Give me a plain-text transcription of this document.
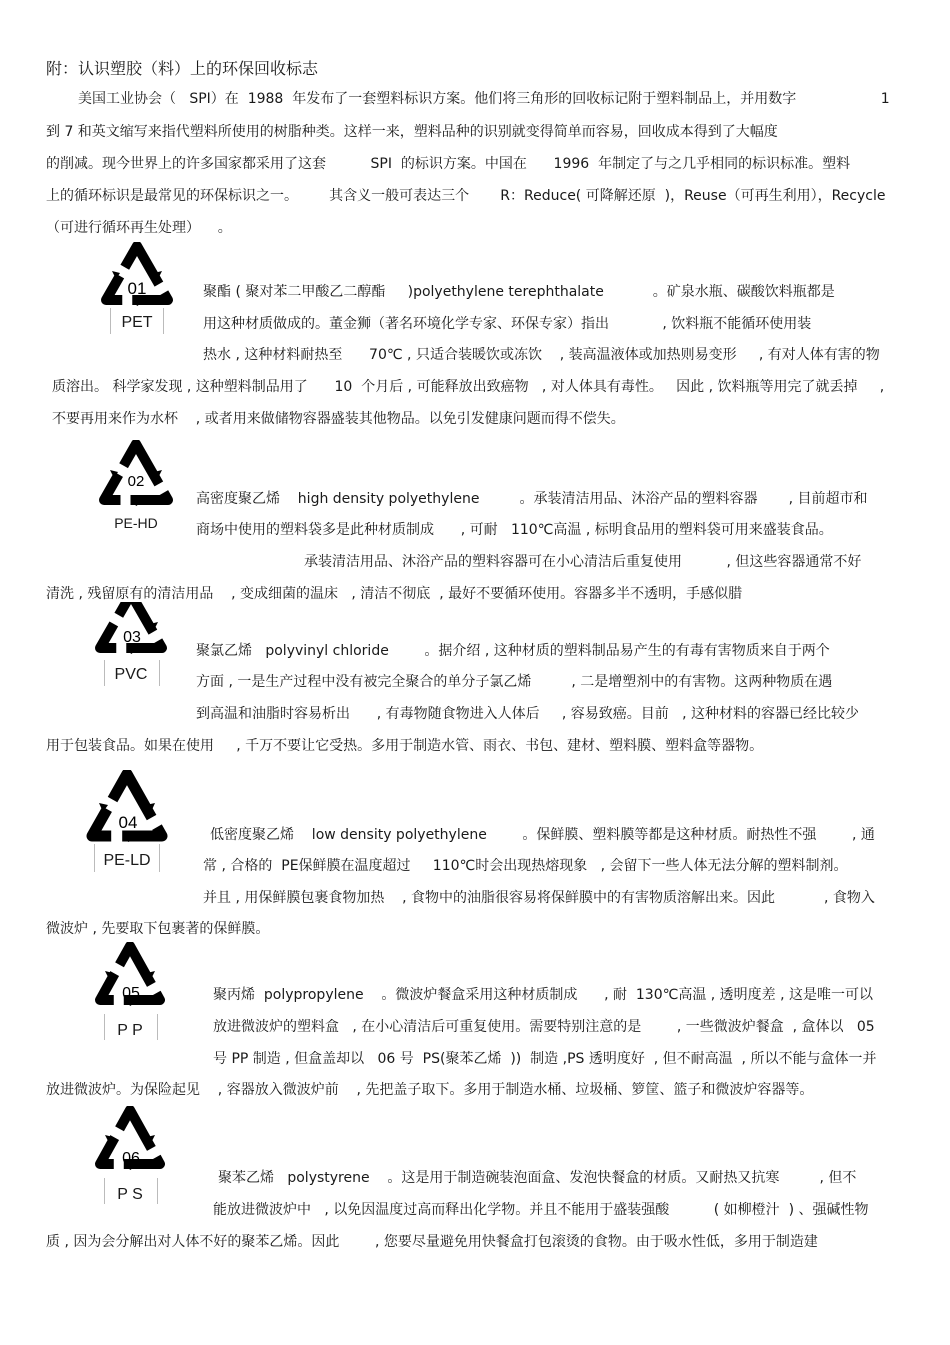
附：认识塑胶（料）上的环保回收标志
美国工业协会（   SPI）在  1988  年发布了一套塑料标识方案。他们将三角形的回收标记附于塑料制品上，并用数字                   1
到 7 和英文缩写来指代塑料所使用的树脂种类。这样一来，塑料品种的识别就变得简单而容易，回收成本得到了大幅度
的削减。现今世界上的许多国家都采用了这套          SPI  的标识方案。中国在      1996  年制定了与之几乎相同的标识标准。塑料
上的循环标识是最常见的环保标识之一。       其含义一般可表达三个       R：Reduce( 可降解还原  )，Reuse（可再生利用），Recycle
（可进行循环再生处理）    。
01
PET
聚酯 ( 聚对苯二甲酸乙二醇酯     )polyethylene terephthalate           。矿泉水瓶、碳酸饮料瓶都是
用这种材质做成的。董金狮（著名环境化学专家、环保专家）指出            , 饮料瓶不能循环使用装
热水 , 这种材料耐热至      70℃ , 只适合装暖饮或冻饮    , 装高温液体或加热则易变形     , 有对人体有害的物
质溶出。 科学家发现 , 这种塑料制品用了      10  个月后 , 可能释放出致癌物   , 对人体具有毒性。   因此 , 饮料瓶等用完了就丢掉     ,
不要再用来作为水杯    , 或者用来做储物容器盛装其他物品。以免引发健康问题而得不偿失。
02
PE-HD
高密度聚乙烯    high density polyethylene         。承装清洁用品、沐浴产品的塑料容器       , 目前超市和
商场中使用的塑料袋多是此种材质制成      , 可耐   110℃高温 , 标明食品用的塑料袋可用来盛装食品。
承装清洁用品、沐浴产品的塑料容器可在小心清洁后重复使用          , 但这些容器通常不好
清洗 , 残留原有的清洁用品    , 变成细菌的温床   , 清洁不彻底  , 最好不要循环使用。容器多半不透明，手感似腊
03
PVC
聚氯乙烯   polyvinyl chloride        。据介绍 , 这种材质的塑料制品易产生的有毒有害物质来自于两个
方面 , 一是生产过程中没有被完全聚合的单分子氯乙烯         , 二是增塑剂中的有害物。这两种物质在遇
到高温和油脂时容易析出      , 有毒物随食物进入人体后     , 容易致癌。目前   , 这种材料的容器已经比较少
用于包装食品。如果在使用     , 千万不要让它受热。多用于制造水管、雨衣、书包、建材、塑料膜、塑料盒等器物。
04
PE-LD
低密度聚乙烯    low density polyethylene        。保鲜膜、塑料膜等都是这种材质。耐热性不强        , 通
常 , 合格的  PE保鲜膜在温度超过     110℃时会出现热熔现象   , 会留下一些人体无法分解的塑料制剂。
并且 , 用保鲜膜包裹食物加热    , 食物中的油脂很容易将保鲜膜中的有害物质溶解出来。因此           , 食物入
微波炉 , 先要取下包裹著的保鲜膜。
05
P P
聚丙烯  polypropylene    。微波炉餐盒采用这种材质制成      , 耐  130℃高温 , 透明度差 , 这是唯一可以
放进微波炉的塑料盒   , 在小心清洁后可重复使用。需要特别注意的是        , 一些微波炉餐盒  , 盒体以   05
号 PP 制造 , 但盒盖却以   06 号  PS(聚苯乙烯  ))  制造 ,PS 透明度好  , 但不耐高温  , 所以不能与盒体一并
放进微波炉。为保险起见    , 容器放入微波炉前    , 先把盖子取下。多用于制造水桶、垃圾桶、箩筐、篮子和微波炉容器等。
06
P S
聚苯乙烯   polystyrene    。这是用于制造碗装泡面盒、发泡快餐盒的材质。又耐热又抗寒         , 但不
能放进微波炉中   , 以免因温度过高而释出化学物。并且不能用于盛装强酸          ( 如柳橙汁  ) 、强碱性物
质 , 因为会分解出对人体不好的聚苯乙烯。因此        , 您要尽量避免用快餐盒打包滚烫的食物。由于吸水性低，多用于制造建
